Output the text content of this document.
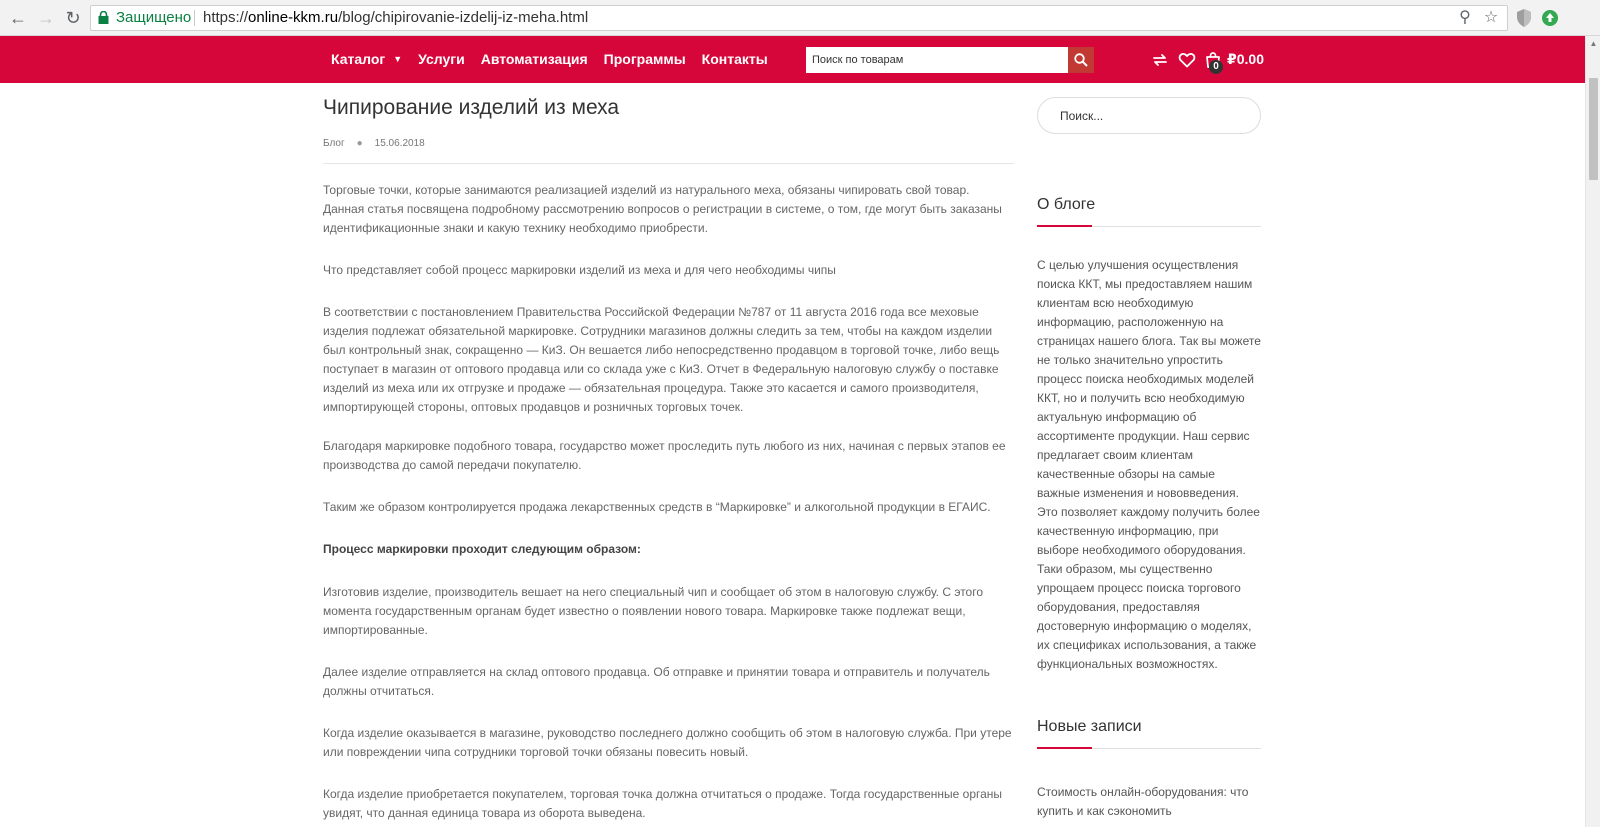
← → ↻ Защищено https://online-kkm.ru/blog/chipirovanie-izdelij-iz-meha.html	⚲ ☆
Каталог ▼ Услуги Автоматизация Программы Контакты
Поиск по товарам	0 ₽0.00
Чипирование изделий из меха
Блог ● 15.06.2018

Торговые точки, которые занимаются реализацией изделий из натурального меха, обязаны чипировать свой товар. Данная статья посвящена подробному рассмотрению вопросов о регистрации в системе, о том, где могут быть заказаны идентификационные знаки и какую технику необходимо приобрести.

Что представляет собой процесс маркировки изделий из меха и для чего необходимы чипы

В соответствии с постановлением Правительства Российской Федерации №787 от 11 августа 2016 года все меховые изделия подлежат обязательной маркировке. Сотрудники магазинов должны следить за тем, чтобы на каждом изделии был контрольный знак, сокращенно — КиЗ. Он вешается либо непосредственно продавцом в торговой точке, либо вещь поступает в магазин от оптового продавца или со склада уже с КиЗ. Отчет в Федеральную налоговую службу о поставке изделий из меха или их отгрузке и продаже — обязательная процедура. Также это касается и самого производителя, импортирующей стороны, оптовых продавцов и розничных торговых точек.

Благодаря маркировке подобного товара, государство может проследить путь любого из них, начиная с первых этапов ее производства до самой передачи покупателю.

Таким же образом контролируется продажа лекарственных средств в “Маркировке” и алкогольной продукции в ЕГАИС.

Процесс маркировки проходит следующим образом:

Изготовив изделие, производитель вешает на него специальный чип и сообщает об этом в налоговую службу. С этого момента государственным органам будет известно о появлении нового товара. Маркировке также подлежат вещи, импортированные.

Далее изделие отправляется на склад оптового продавца. Об отправке и принятии товара и отправитель и получатель должны отчитаться.

Когда изделие оказывается в магазине, руководство последнего должно сообщить об этом в налоговую служба. При утере или повреждении чипа сотрудники торговой точки обязаны повесить новый.

Когда изделие приобретается покупателем, торговая точка должна отчитаться о продаже. Тогда государственные органы увидят, что данная единица товара из оборота выведена.

Поиск...
О блоге

С целью улучшения осуществления поиска ККТ, мы предоставляем нашим клиентам всю необходимую информацию, расположенную на страницах нашего блога. Так вы можете не только значительно упростить процесс поиска необходимых моделей ККТ, но и получить всю необходимую актуальную информацию об ассортименте продукции. Наш сервис предлагает своим клиентам качественные обзоры на самые важные изменения и нововведения. Это позволяет каждому получить более качественную информацию, при выборе необходимого оборудования. Таки образом, мы существенно упрощаем процесс поиска торгового оборудования, предоставляя достоверную информацию о моделях, их спецификах использования, а также функциональных возможностях.

Новые записи

Стоимость онлайн-оборудования: что купить и как сэкономить

▲
